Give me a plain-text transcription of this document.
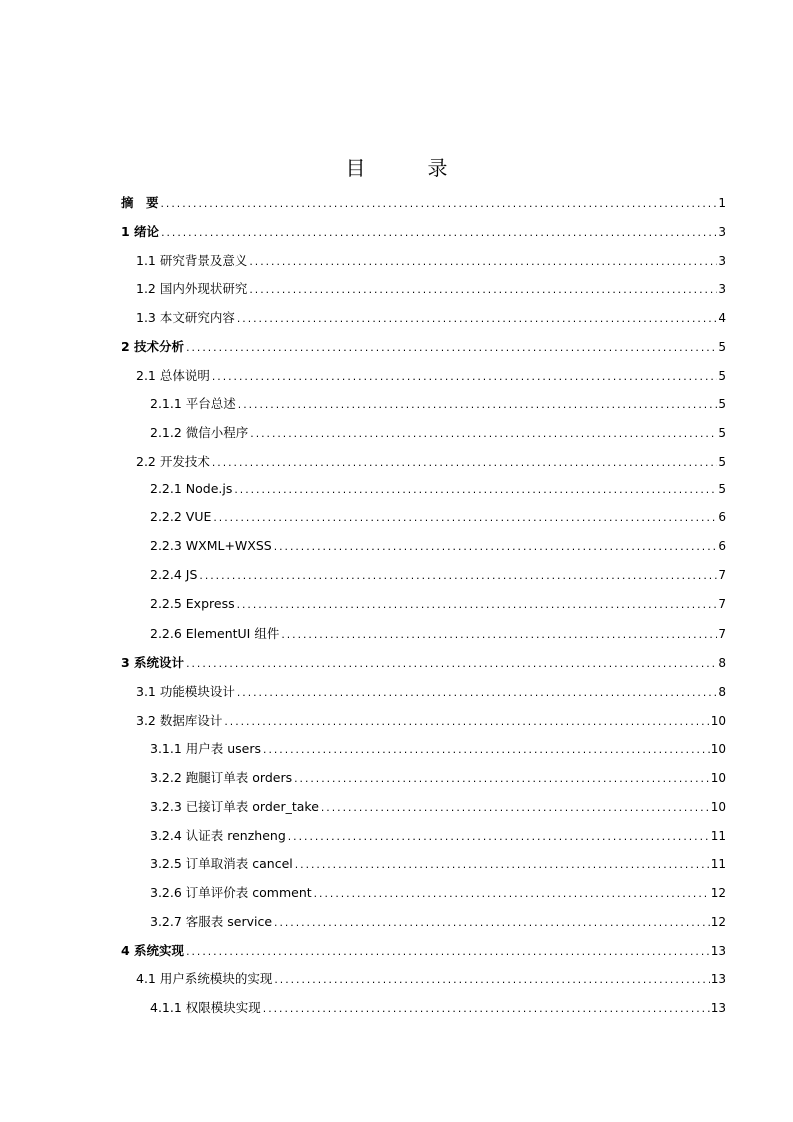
目	录
摘　要 .....	1
1 绪论 .....	3
1.1 研究背景及意义 .....	3
1.2 国内外现状研究 .....	3
1.3 本文研究内容 .....	4
2 技术分析 .....	5
2.1 总体说明 .....	5
2.1.1 平台总述 .....	5
2.1.2 微信小程序 .....	5
2.2 开发技术 .....	5
2.2.1 Node.js .....	5
2.2.2 VUE .....	6
2.2.3 WXML+WXSS .....	6
2.2.4 JS .....	7
2.2.5 Express .....	7
2.2.6 ElementUI 组件 .....	7
3 系统设计 .....	8
3.1 功能模块设计 .....	8
3.2 数据库设计 .....	10
3.1.1 用户表 users .....	10
3.2.2 跑腿订单表 orders .....	10
3.2.3 已接订单表 order_take .....	10
3.2.4 认证表 renzheng .....	11
3.2.5 订单取消表 cancel .....	11
3.2.6 订单评价表 comment .....	12
3.2.7 客服表 service .....	12
4 系统实现 .....	13
4.1 用户系统模块的实现 .....	13
4.1.1 权限模块实现 .....	13
